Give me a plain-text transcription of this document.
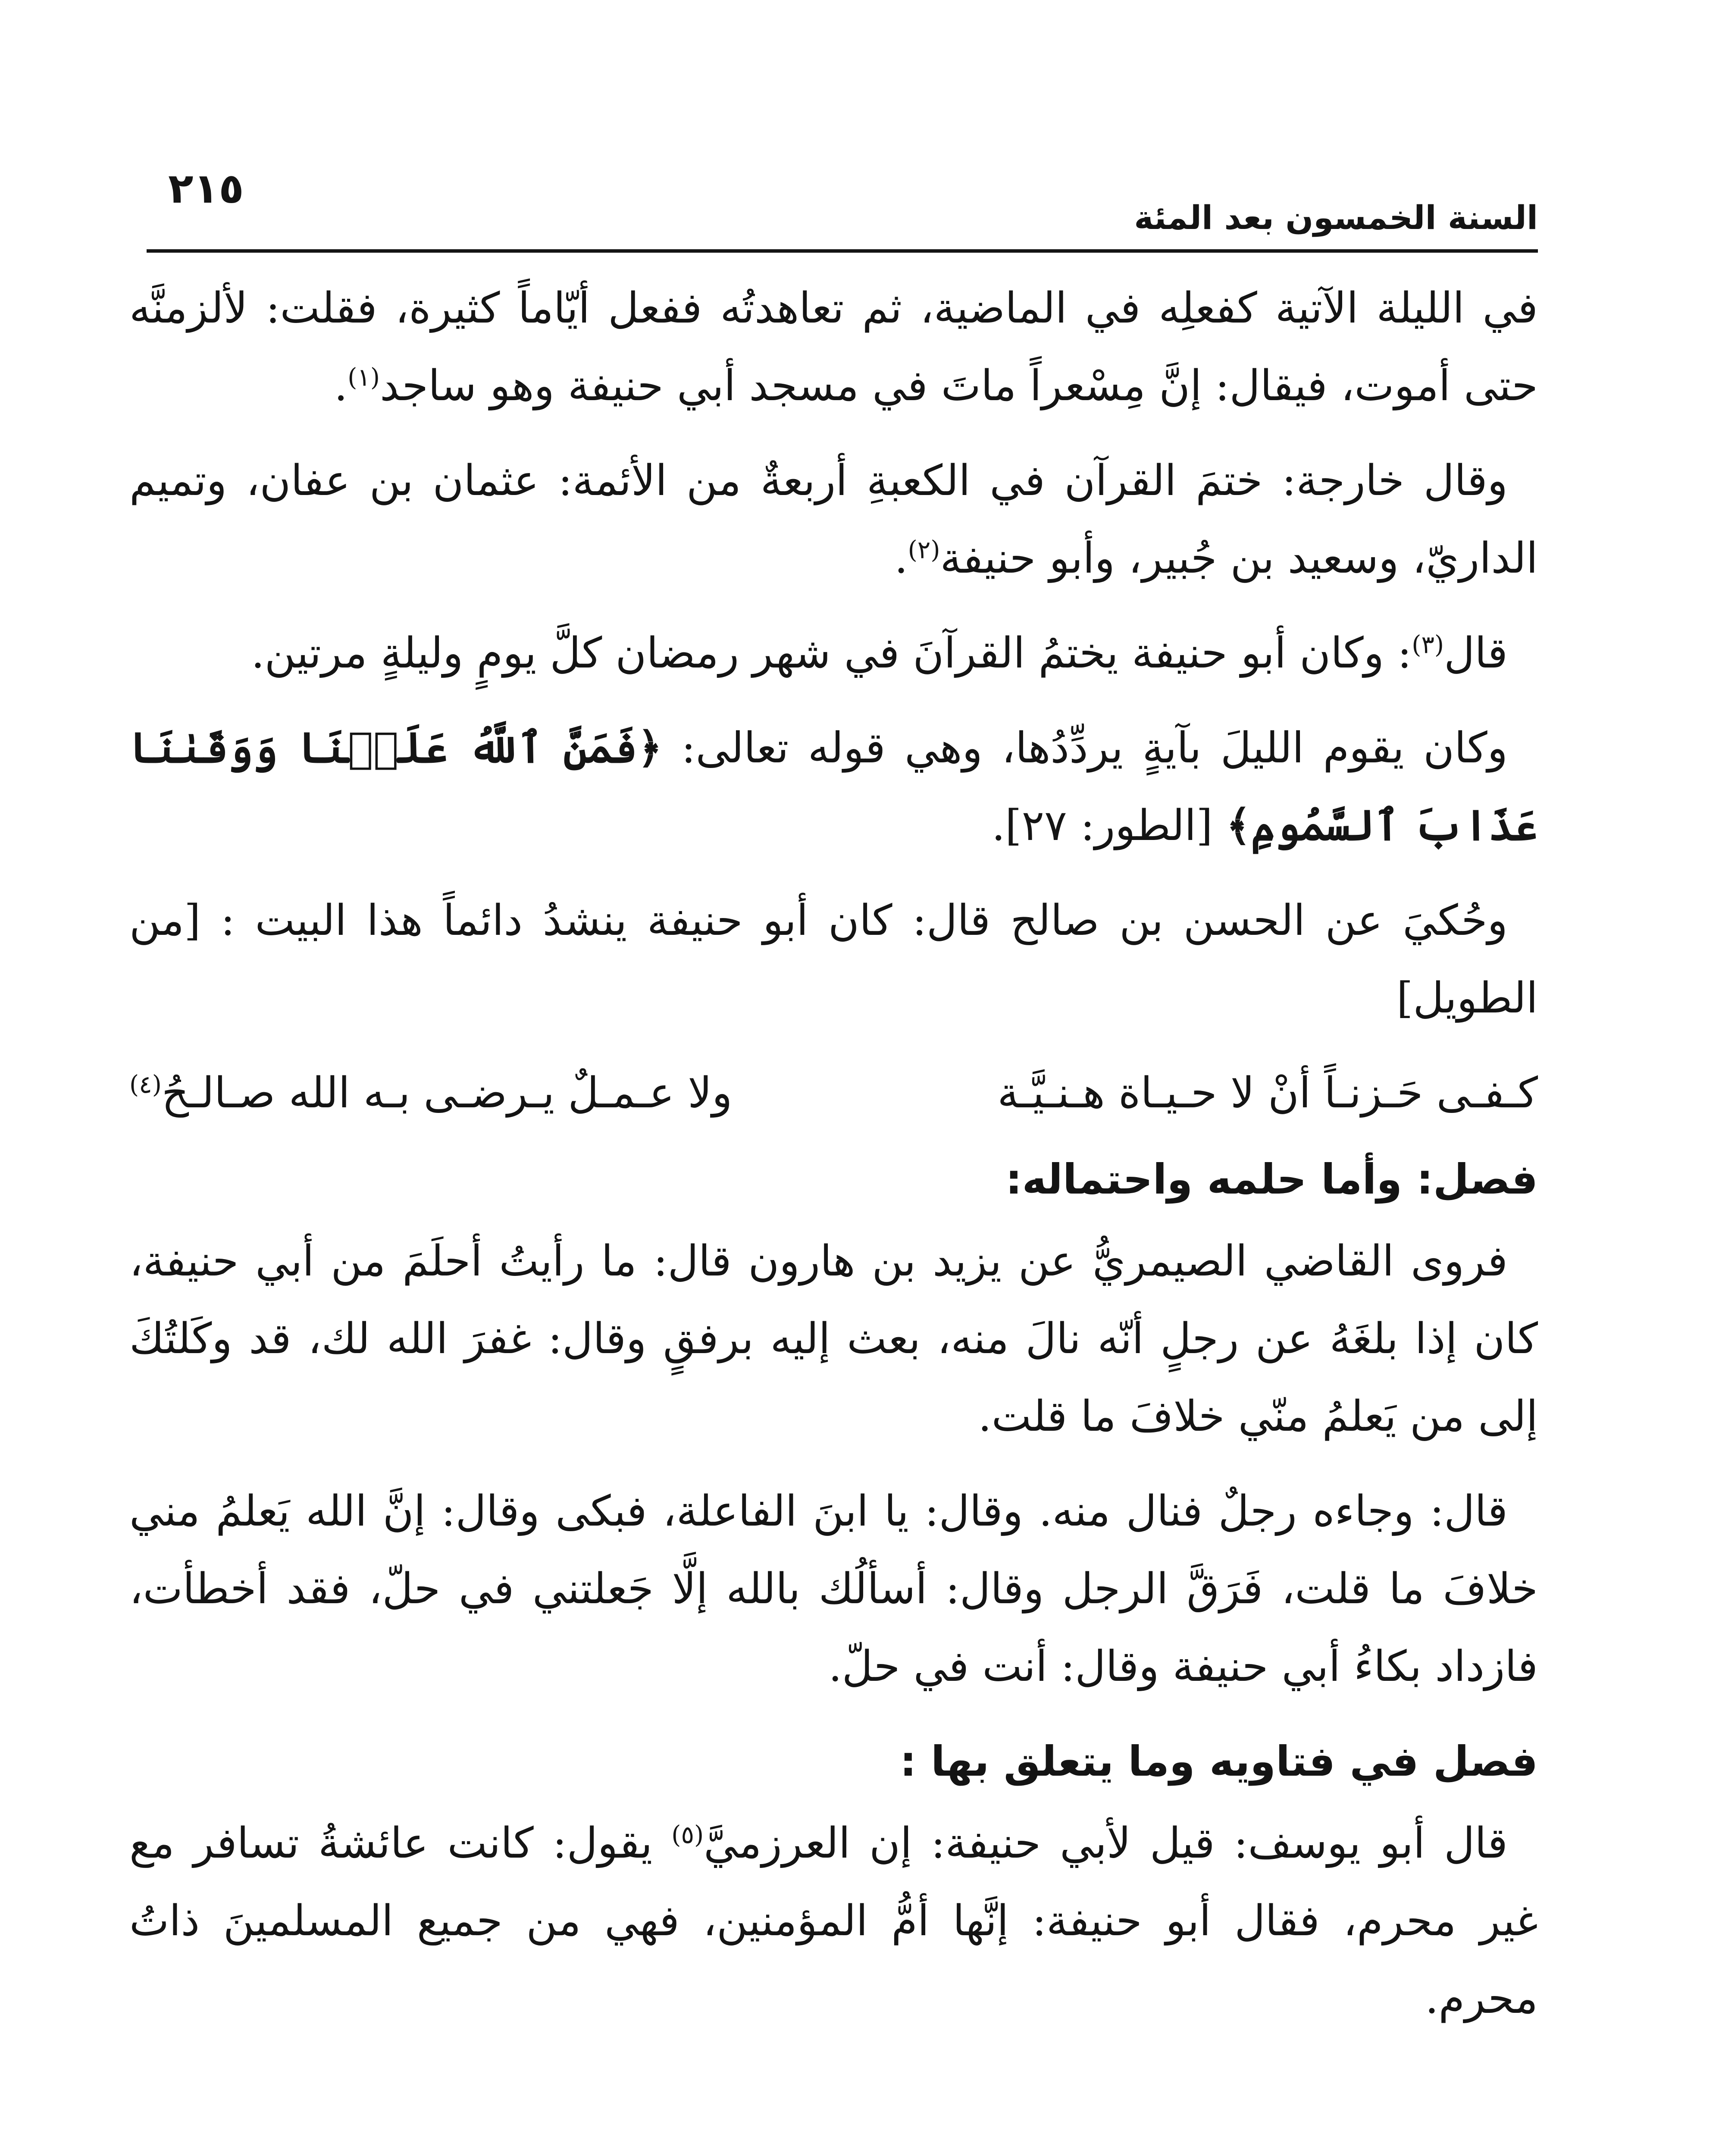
السنة الخمسون بعد المئة
٢١٥

في الليلة الآتية كفعلِه في الماضية، ثم تعاهدتُه ففعل أيّاماً كثيرة، فقلت: لألزمنَّه حتى أموت، فيقال: إنَّ مِسْعراً ماتَ في مسجد أبي حنيفة وهو ساجد$^{(١)}$.

وقال خارجة: ختمَ القرآن في الكعبةِ أربعةٌ من الأئمة: عثمان بن عفان، وتميم الداريّ، وسعيد بن جُبير، وأبو حنيفة$^{(٢)}$.

قال$^{(٣)}$: وكان أبو حنيفة يختمُ القرآنَ في شهر رمضان كلَّ يومٍ وليلةٍ مرتين.

وكان يقوم الليلَ بآيةٍ يردِّدُها، وهي قوله تعالى: ﴿فَمَنَّ ٱللَّهُ عَلَيۡنَا وَوَقَىٰنَا عَذَابَ ٱلسَّمُومِ﴾ [الطور: ٢٧].

وحُكيَ عن الحسن بن صالح قال: كان أبو حنيفة ينشدُ دائماً هذا البيت : [من الطويل]

كـفـى حَـزنـاً أنْ لا حـيـاة هـنـيَّـة
ولا عـمـلٌ يـرضـى بـه الله صـالـحُ$^{(٤)}$
فصل: وأما حلمه واحتماله:

فروى القاضي الصيمريُّ عن يزيد بن هارون قال: ما رأيتُ أحلَمَ من أبي حنيفة، كان إذا بلغَهُ عن رجلٍ أنّه نالَ منه، بعث إليه برفقٍ وقال: غفرَ الله لك، قد وكَلتُكَ إلى من يَعلمُ منّي خلافَ ما قلت.

قال: وجاءه رجلٌ فنال منه. وقال: يا ابنَ الفاعلة، فبكى وقال: إنَّ الله يَعلمُ مني خلافَ ما قلت، فَرَقَّ الرجل وقال: أسألُك بالله إلَّا جَعلتني في حلّ، فقد أخطأت، فازداد بكاءُ أبي حنيفة وقال: أنت في حلّ.

فصل في فتاويه وما يتعلق بها :

قال أبو يوسف: قيل لأبي حنيفة: إن العرزميَّ$^{(٥)}$ يقول: كانت عائشةُ تسافر مع غير محرم، فقال أبو حنيفة: إنَّها أمُّ المؤمنين، فهي من جميع المسلمينَ ذاتُ محرم.
